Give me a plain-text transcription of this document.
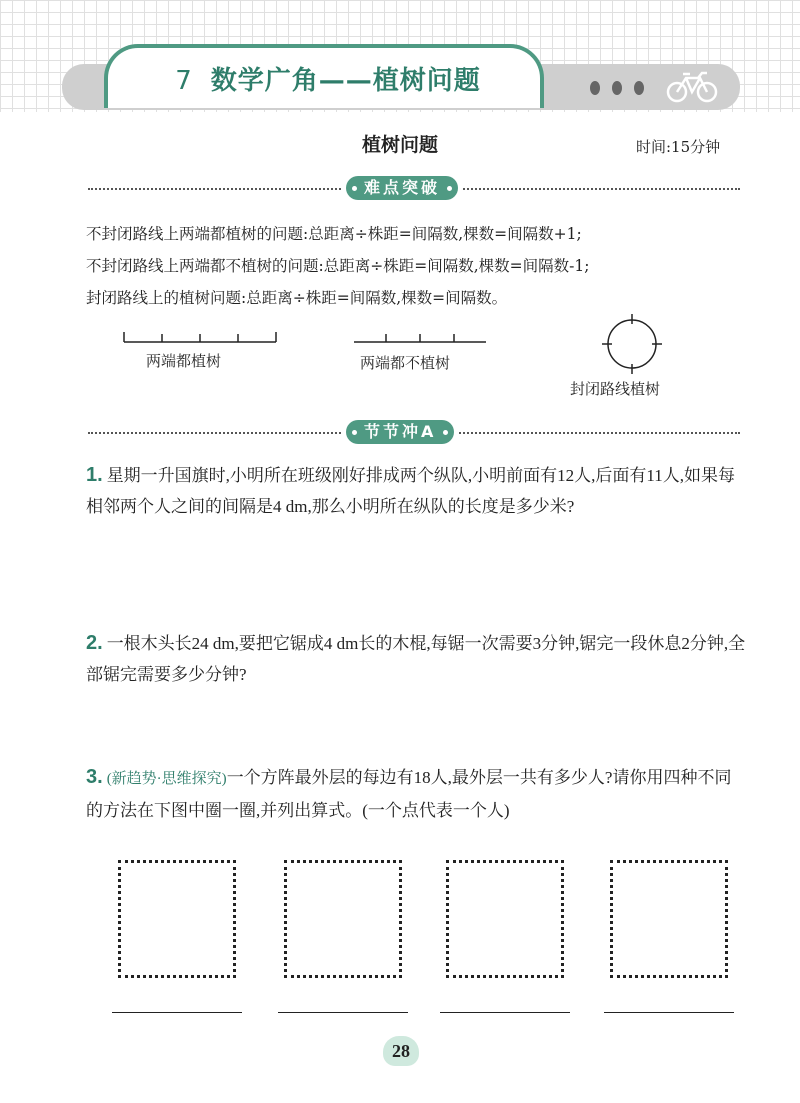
7 数学广角——植树问题
植树问题	时间:15分钟
难点突破
不封闭路线上两端都植树的问题:总距离÷株距=间隔数,棵数=间隔数+1;
不封闭路线上两端都不植树的问题:总距离÷株距=间隔数,棵数=间隔数-1;
封闭路线上的植树问题:总距离÷株距=间隔数,棵数=间隔数。
两端都植树	两端都不植树
封闭路线植树
节节冲A
1. 星期一升国旗时,小明所在班级刚好排成两个纵队,小明前面有12人,后面有11人,如果每相邻两个人之间的间隔是4 dm,那么小明所在纵队的长度是多少米?
2. 一根木头长24 dm,要把它锯成4 dm长的木棍,每锯一次需要3分钟,锯完一段休息2分钟,全部锯完需要多少分钟?
3. (新趋势·思维探究)一个方阵最外层的每边有18人,最外层一共有多少人?请你用四种不同的方法在下图中圈一圈,并列出算式。(一个点代表一个人)
28
